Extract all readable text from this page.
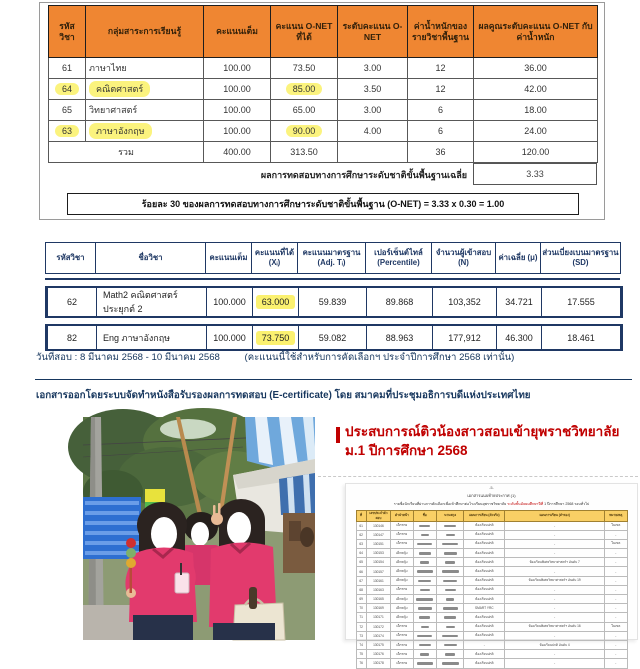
รหัส วิชา	กลุ่มสาระการเรียนรู้	คะแนนเต็ม	คะแนน O-NET ที่ได้	ระดับคะแนน O-NET	ค่าน้ำหนักของ รายวิชาพื้นฐาน	ผลคูณระดับคะแนน O-NET กับ ค่าน้ำหนัก
61	ภาษาไทย	100.00	73.50	3.00	12	36.00
64	คณิตศาสตร์	100.00	85.00	3.50	12	42.00
65	วิทยาศาสตร์	100.00	65.00	3.00	6	18.00
63	ภาษาอังกฤษ	100.00	90.00	4.00	6	24.00
รวม		400.00	313.50		36	120.00
ผลการทดสอบทางการศึกษาระดับชาติขั้นพื้นฐานเฉลี่ย	3.33
ร้อยละ 30 ของผลการทดสอบทางการศึกษาระดับชาติขั้นพื้นฐาน (O-NET) = 3.33 x 0.30 = 1.00
รหัสวิชา	ชื่อวิชา	คะแนนเต็ม	คะแนนที่ได้ (Xᵢ)	คะแนนมาตรฐาน (Adj. Tᵢ)	เปอร์เซ็นต์ไทล์ (Percentile)	จำนวนผู้เข้าสอบ (N)	ค่าเฉลี่ย (μ)	ส่วนเบี่ยงเบนมาตรฐาน (SD)
62	Math2 คณิตศาสตร์ประยุกต์ 2	100.000	63.000	59.839	89.868	103,352	34.721	17.555
82	Eng ภาษาอังกฤษ	100.000	73.750	59.082	88.963	177,912	46.300	18.461
วันที่สอบ : 8 มีนาคม 2568 - 10 มีนาคม 2568	(คะแนนนี้ใช้สำหรับการคัดเลือกฯ ประจำปีการศึกษา 2568 เท่านั้น)
เอกสารออกโดยระบบจัดทำหนังสือรับรองผลการทดสอบ (E-certificate) โดย สมาคมที่ประชุมอธิการบดีแห่งประเทศไทย
ประสบการณ์ติวน้องสาวสอบเข้ายุพราชวิทยาลัย
ม.1 ปีการศึกษา 2568
-5-
เอกสารแนบท้ายประกาศ (1)
รายชื่อนักเรียนที่ผ่านการคัดเลือกเพื่อเข้าศึกษาต่อโรงเรียนยุพราชวิทยาลัย ระดับชั้นมัธยมศึกษาปีที่ 1 ปีการศึกษา 2568 รอบทั่วไป
ที่	เลขประจำตัวสอบ	คำนำหน้า	ชื่อ	นามสกุล	แผนการเรียน (ตัวจริง)	แผนการเรียน (สำรอง)	หมายเหตุ
61	130146	เด็กชาย			ห้องเรียนปกติ	-	ในเขต
62	130147	เด็กชาย			ห้องเรียนปกติ	-	-
63	130151	เด็กชาย			ห้องเรียนปกติ	-	ในเขต
64	130153	เด็กหญิง			ห้องเรียนปกติ	-	-
65	130154	เด็กหญิง			ห้องเรียนปกติ	ห้องเรียนพิเศษวิทยาศาสตร์ฯ อันดับ 7	-
66	130157	เด็กหญิง			ห้องเรียนปกติ	-	-
67	130161	เด็กหญิง			ห้องเรียนปกติ	ห้องเรียนพิเศษวิทยาศาสตร์ฯ อันดับ 19	-
68	130163	เด็กชาย			ห้องเรียนปกติ	-	-
69	130165	เด็กหญิง			ห้องเรียนปกติ	-	-
70	130169	เด็กหญิง			SMART YRC	-	-
71	130171	เด็กหญิง			ห้องเรียนปกติ	-	-
72	130172	เด็กชาย			ห้องเรียนปกติ	ห้องเรียนพิเศษวิทยาศาสตร์ฯ อันดับ 16	ในเขต
73	130174	เด็กชาย			ห้องเรียนปกติ	-	-
74	130175	เด็กชาย			-	ห้องเรียนปกติ อันดับ 4	-
75	130176	เด็กชาย			ห้องเรียนปกติ	-	-
76	130178	เด็กชาย			ห้องเรียนปกติ	-	-
